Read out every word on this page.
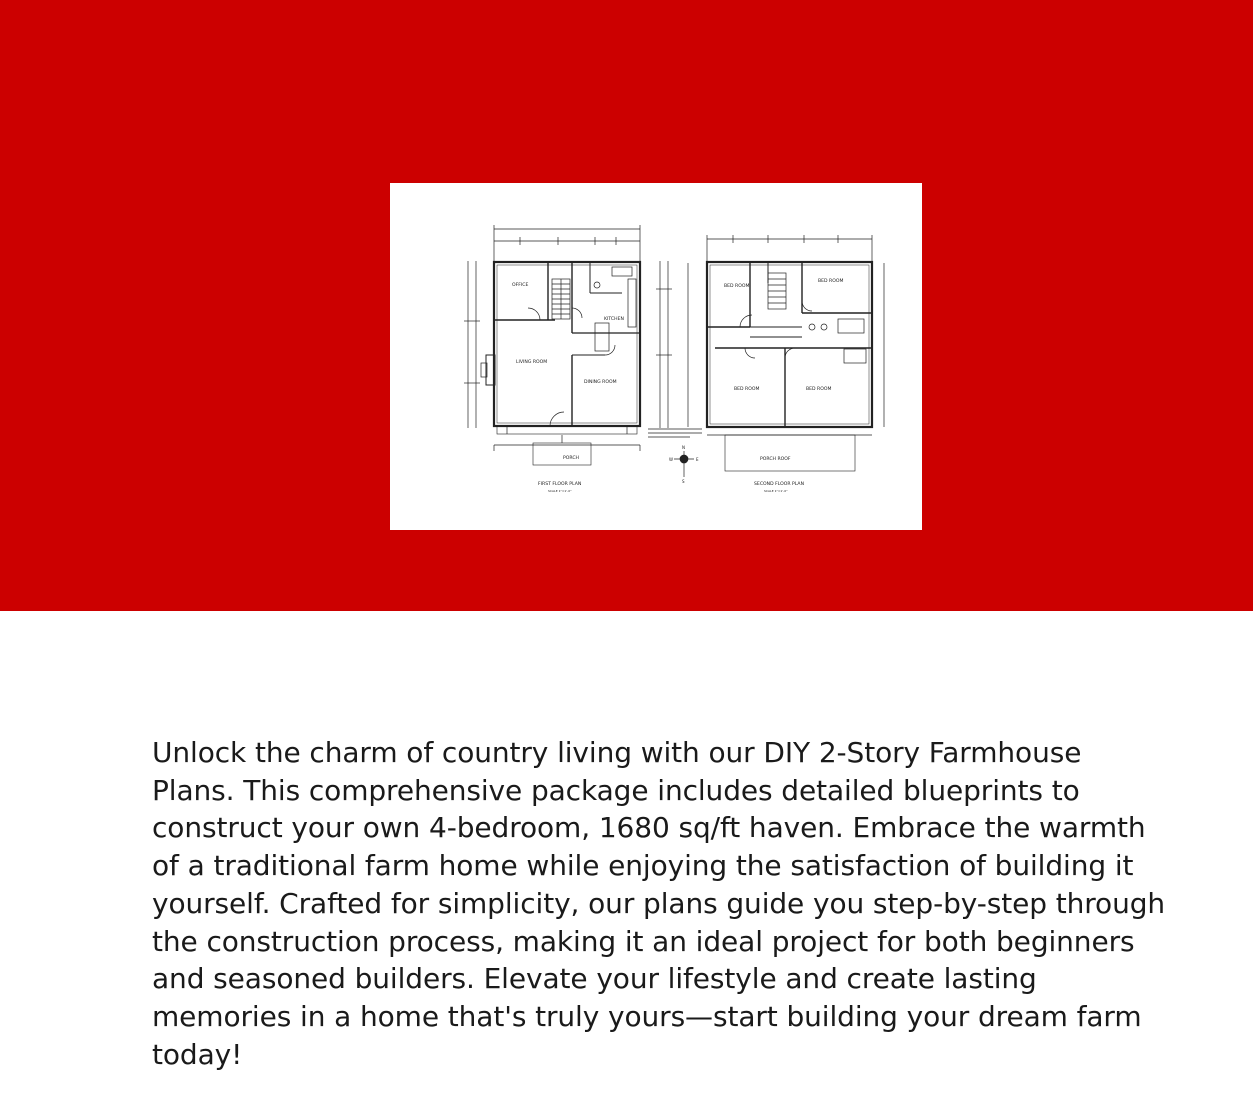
OFFICE
KITCHEN
LIVING ROOM
DINING ROOM
PORCH
BED ROOM
BED ROOM
BED ROOM	BED ROOM
PORCH ROOF
FIRST FLOOR PLAN	SECOND FLOOR PLAN
SCALE 1"=1'-0"	SCALE 1"=1'-0"
N
S
E
W

Unlock the charm of country living with our DIY 2-Story Farmhouse Plans. This comprehensive package includes detailed blueprints to construct your own 4-bedroom, 1680 sq/ft haven. Embrace the warmth of a traditional farm home while enjoying the satisfaction of building it yourself. Crafted for simplicity, our plans guide you step-by-step through the construction process, making it an ideal project for both beginners and seasoned builders. Elevate your lifestyle and create lasting memories in a home that's truly yours—start building your dream farm today!
